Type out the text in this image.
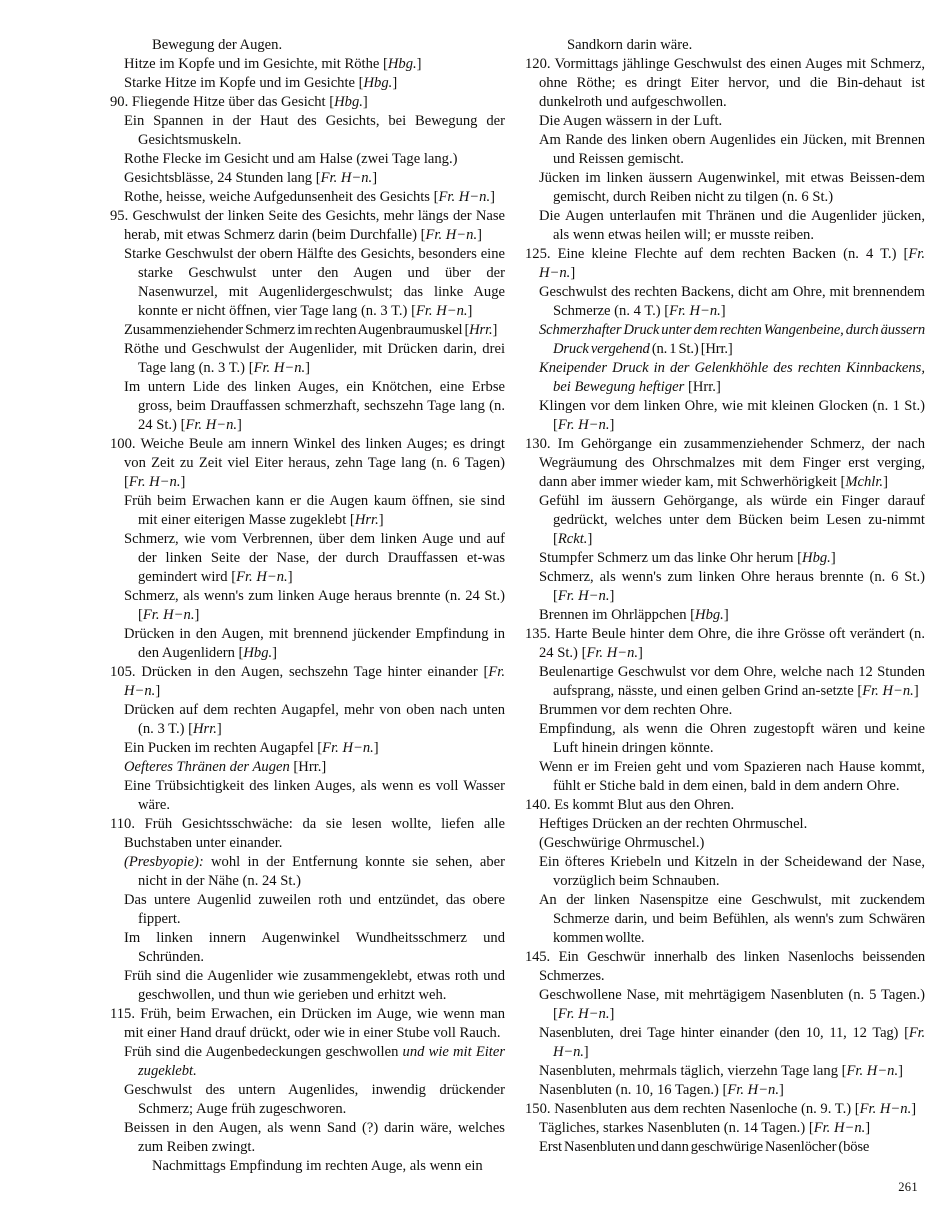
Bewegung der Augen.

Hitze im Kopfe und im Gesichte, mit Röthe [Hbg.]

Starke Hitze im Kopfe und im Gesichte [Hbg.]

90. Fliegende Hitze über das Gesicht [Hbg.]

Ein Spannen in der Haut des Gesichts, bei Bewegung der Gesichtsmuskeln.

Rothe Flecke im Gesicht und am Halse (zwei Tage lang.)

Gesichtsblässe, 24 Stunden lang [Fr. H−n.]

Rothe, heisse, weiche Aufgedunsenheit des Gesichts [Fr. H−n.]

95. Geschwulst der linken Seite des Gesichts, mehr längs der Nase herab, mit etwas Schmerz darin (beim Durchfalle) [Fr. H−n.]

Starke Geschwulst der obern Hälfte des Gesichts, besonders eine starke Geschwulst unter den Augen und über der Nasenwurzel, mit Augenlidergeschwulst; das linke Auge konnte er nicht öffnen, vier Tage lang (n. 3 T.) [Fr. H−n.]

Zusammenziehender Schmerz im rechten Augenbraumuskel [Hrr.]

Röthe und Geschwulst der Augenlider, mit Drücken darin, drei Tage lang (n. 3 T.) [Fr. H−n.]

Im untern Lide des linken Auges, ein Knötchen, eine Erbse gross, beim Drauffassen schmerzhaft, sechszehn Tage lang (n. 24 St.) [Fr. H−n.]

100. Weiche Beule am innern Winkel des linken Auges; es dringt von Zeit zu Zeit viel Eiter heraus, zehn Tage lang (n. 6 Tagen) [Fr. H−n.]

Früh beim Erwachen kann er die Augen kaum öffnen, sie sind mit einer eiterigen Masse zugeklebt [Hrr.]

Schmerz, wie vom Verbrennen, über dem linken Auge und auf der linken Seite der Nase, der durch Drauffassen et-was gemindert wird [Fr. H−n.]

Schmerz, als wenn's zum linken Auge heraus brennte (n. 24 St.) [Fr. H−n.]

Drücken in den Augen, mit brennend jückender Empfindung in den Augenlidern [Hbg.]

105. Drücken in den Augen, sechszehn Tage hinter einander [Fr. H−n.]

Drücken auf dem rechten Augapfel, mehr von oben nach unten (n. 3 T.) [Hrr.]

Ein Pucken im rechten Augapfel [Fr. H−n.]

Oefteres Thränen der Augen [Hrr.]

Eine Trübsichtigkeit des linken Auges, als wenn es voll Wasser wäre.

110. Früh Gesichtsschwäche: da sie lesen wollte, liefen alle Buchstaben unter einander.

(Presbyopie): wohl in der Entfernung konnte sie sehen, aber nicht in der Nähe (n. 24 St.)

Das untere Augenlid zuweilen roth und entzündet, das obere fippert.

Im linken innern Augenwinkel Wundheitsschmerz und Schründen.

Früh sind die Augenlider wie zusammengeklebt, etwas roth und geschwollen, und thun wie gerieben und erhitzt weh.

115. Früh, beim Erwachen, ein Drücken im Auge, wie wenn man mit einer Hand drauf drückt, oder wie in einer Stube voll Rauch.

Früh sind die Augenbedeckungen geschwollen und wie mit Eiter zugeklebt.

Geschwulst des untern Augenlides, inwendig drückender Schmerz; Auge früh zugeschworen.

Beissen in den Augen, als wenn Sand (?) darin wäre, welches zum Reiben zwingt.

Nachmittags Empfindung im rechten Auge, als wenn ein

Sandkorn darin wäre.

120. Vormittags jählinge Geschwulst des einen Auges mit Schmerz, ohne Röthe; es dringt Eiter hervor, und die Bin-dehaut ist dunkelroth und aufgeschwollen.

Die Augen wässern in der Luft.

Am Rande des linken obern Augenlides ein Jücken, mit Brennen und Reissen gemischt.

Jücken im linken äussern Augenwinkel, mit etwas Beissen-dem gemischt, durch Reiben nicht zu tilgen (n. 6 St.)

Die Augen unterlaufen mit Thränen und die Augenlider jücken, als wenn etwas heilen will; er musste reiben.

125. Eine kleine Flechte auf dem rechten Backen (n. 4 T.) [Fr. H−n.]

Geschwulst des rechten Backens, dicht am Ohre, mit brennendem Schmerze (n. 4 T.) [Fr. H−n.]

Schmerzhafter Druck unter dem rechten Wangenbeine, durch äussern Druck vergehend (n. 1 St.) [Hrr.]

Kneipender Druck in der Gelenkhöhle des rechten Kinnbackens, bei Bewegung heftiger [Hrr.]

Klingen vor dem linken Ohre, wie mit kleinen Glocken (n. 1 St.) [Fr. H−n.]

130. Im Gehörgange ein zusammenziehender Schmerz, der nach Wegräumung des Ohrschmalzes mit dem Finger erst verging, dann aber immer wieder kam, mit Schwerhörigkeit [Mchlr.]

Gefühl im äussern Gehörgange, als würde ein Finger darauf gedrückt, welches unter dem Bücken beim Lesen zu-nimmt [Rckt.]

Stumpfer Schmerz um das linke Ohr herum [Hbg.]

Schmerz, als wenn's zum linken Ohre heraus brennte (n. 6 St.) [Fr. H−n.]

Brennen im Ohrläppchen [Hbg.]

135. Harte Beule hinter dem Ohre, die ihre Grösse oft verändert (n. 24 St.) [Fr. H−n.]

Beulenartige Geschwulst vor dem Ohre, welche nach 12 Stunden aufsprang, nässte, und einen gelben Grind an-setzte [Fr. H−n.]

Brummen vor dem rechten Ohre.

Empfindung, als wenn die Ohren zugestopft wären und keine Luft hinein dringen könnte.

Wenn er im Freien geht und vom Spazieren nach Hause kommt, fühlt er Stiche bald in dem einen, bald in dem andern Ohre.

140. Es kommt Blut aus den Ohren.

Heftiges Drücken an der rechten Ohrmuschel.

(Geschwürige Ohrmuschel.)

Ein öfteres Kriebeln und Kitzeln in der Scheidewand der Nase, vorzüglich beim Schnauben.

An der linken Nasenspitze eine Geschwulst, mit zuckendem Schmerze darin, und beim Befühlen, als wenn's zum Schwären kommen wollte.

145. Ein Geschwür innerhalb des linken Nasenlochs beissenden Schmerzes.

Geschwollene Nase, mit mehrtägigem Nasenbluten (n. 5 Tagen.) [Fr. H−n.]

Nasenbluten, drei Tage hinter einander (den 10, 11, 12 Tag) [Fr. H−n.]

Nasenbluten, mehrmals täglich, vierzehn Tage lang [Fr. H−n.]

Nasenbluten (n. 10, 16 Tagen.) [Fr. H−n.]

150. Nasenbluten aus dem rechten Nasenloche (n. 9. T.) [Fr. H−n.]

Tägliches, starkes Nasenbluten (n. 14 Tagen.) [Fr. H−n.]

Erst Nasenbluten und dann geschwürige Nasenlöcher (böse

261
